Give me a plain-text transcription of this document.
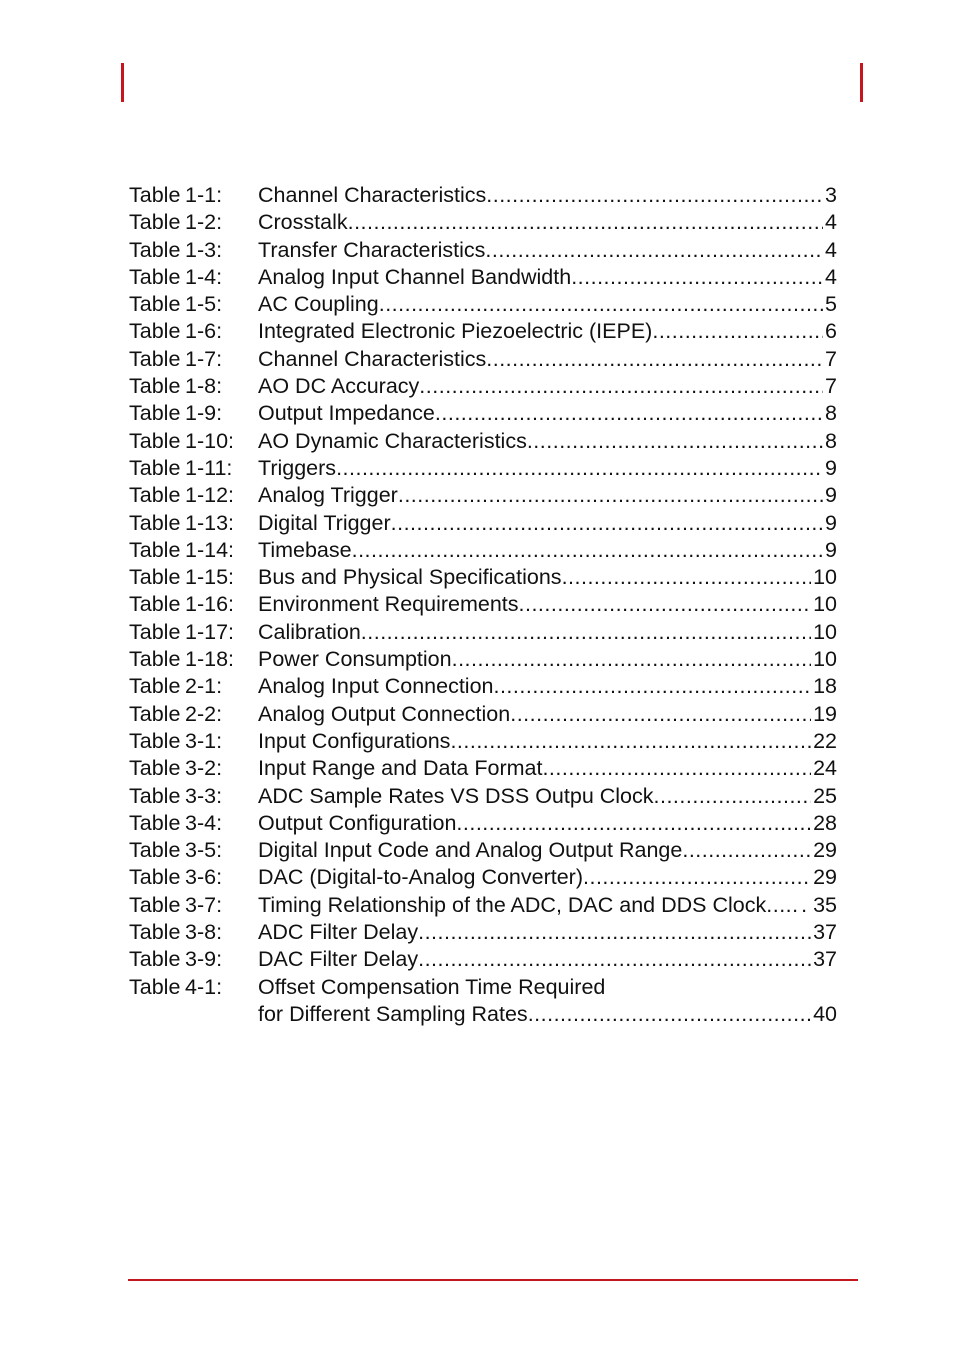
Table 1-1:	Channel Characteristics .....	3
Table 1-2:	Crosstalk .....	4
Table 1-3:	Transfer Characteristics .....	4
Table 1-4:	Analog Input Channel Bandwidth .....	4
Table 1-5:	AC Coupling .....	5
Table 1-6:	Integrated Electronic Piezoelectric (IEPE) .....	6
Table 1-7:	Channel Characteristics .....	7
Table 1-8:	AO DC Accuracy .....	7
Table 1-9:	Output Impedance .....	8
Table 1-10:	AO Dynamic Characteristics .....	8
Table 1-11:	Triggers .....	9
Table 1-12:	Analog Trigger .....	9
Table 1-13:	Digital Trigger .....	9
Table 1-14:	Timebase .....	9
Table 1-15:	Bus and Physical Specifications .....	10
Table 1-16:	Environment Requirements .....	10
Table 1-17:	Calibration .....	10
Table 1-18:	Power Consumption .....	10
Table 2-1:	Analog Input Connection .....	18
Table 2-2:	Analog Output Connection .....	19
Table 3-1:	Input Configurations .....	22
Table 3-2:	Input Range and Data Format .....	24
Table 3-3:	ADC Sample Rates VS DSS Outpu Clock .....	25
Table 3-4:	Output Configuration .....	28
Table 3-5:	Digital Input Code and Analog Output Range .....	29
Table 3-6:	DAC (Digital-to-Analog Converter) .....	29
Table 3-7:	Timing Relationship of the ADC, DAC and DDS Clock ..... . 35
Table 3-8:	ADC Filter Delay .....	37
Table 3-9:	DAC Filter Delay .....	37
Table 4-1:	Offset Compensation Time Required
for Different Sampling Rates .....	40
